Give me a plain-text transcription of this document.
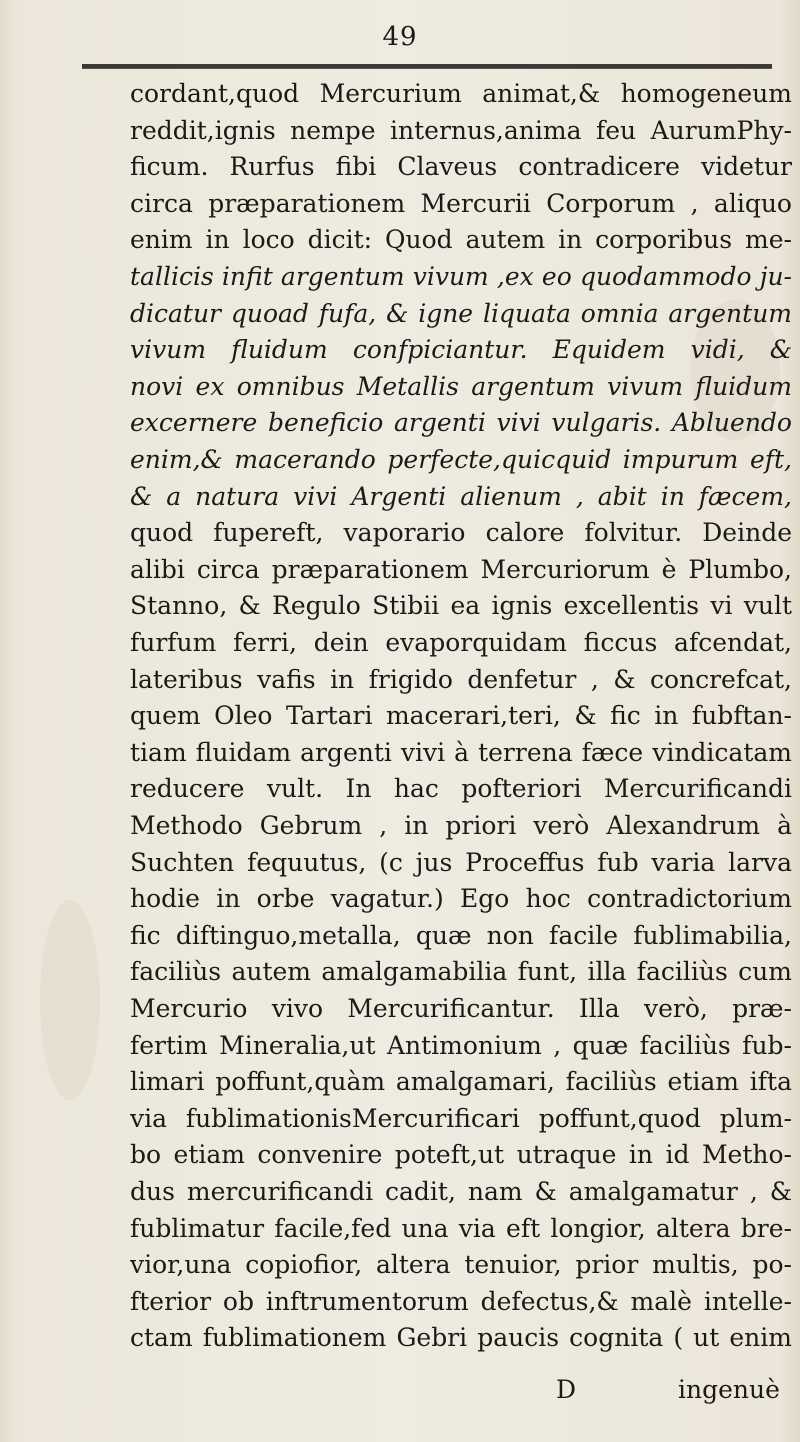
49
cordant,quod Mercurium animat,& homogeneum
reddit,ignis nempe internus,anima feu AurumPhy-
ficum. Rurfus fibi Claveus contradicere videtur
circa præparationem Mercurii Corporum , aliquo
enim in loco dicit: Quod autem in corporibus me-
tallicis infit argentum vivum ,ex eo quodammodo ju-
dicatur quoad fufa, & igne liquata omnia argentum
vivum fluidum confpiciantur. Equidem vidi, &
novi ex omnibus Metallis argentum vivum fluidum
excernere beneficio argenti vivi vulgaris. Abluendo
enim,& macerando perfecte,quicquid impurum eft,
& a natura vivi Argenti alienum , abit in fæcem,
quod fupereft, vaporario calore folvitur. Deinde
alibi circa præparationem Mercuriorum è Plumbo,
Stanno, & Regulo Stibii ea ignis excellentis vi vult
furfum ferri, dein evaporquidam ficcus afcendat,
lateribus vafis in frigido denfetur , & concrefcat,
quem Oleo Tartari macerari,teri, & fic in fubftan-
tiam fluidam argenti vivi à terrena fæce vindicatam
reducere vult. In hac pofteriori Mercurificandi
Methodo Gebrum , in priori verò Alexandrum à
Suchten fequutus, (c jus Proceffus fub varia larva
hodie in orbe vagatur.) Ego hoc contradictorium
fic diftinguo,metalla, quæ non facile fublimabilia,
faciliùs autem amalgamabilia funt, illa faciliùs cum
Mercurio vivo Mercurificantur. Illa verò, præ-
fertim Mineralia,ut Antimonium , quæ faciliùs fub-
limari poffunt,quàm amalgamari, faciliùs etiam ifta
via fublimationisMercurificari poffunt,quod plum-
bo etiam convenire poteft,ut utraque in id Metho-
dus mercurificandi cadit, nam & amalgamatur , &
fublimatur facile,fed una via eft longior, altera bre-
vior,una copiofior, altera tenuior, prior multis, po-
fterior ob inftrumentorum defectus,& malè intelle-
ctam fublimationem Gebri paucis cognita ( ut enim
D	ingenuè
